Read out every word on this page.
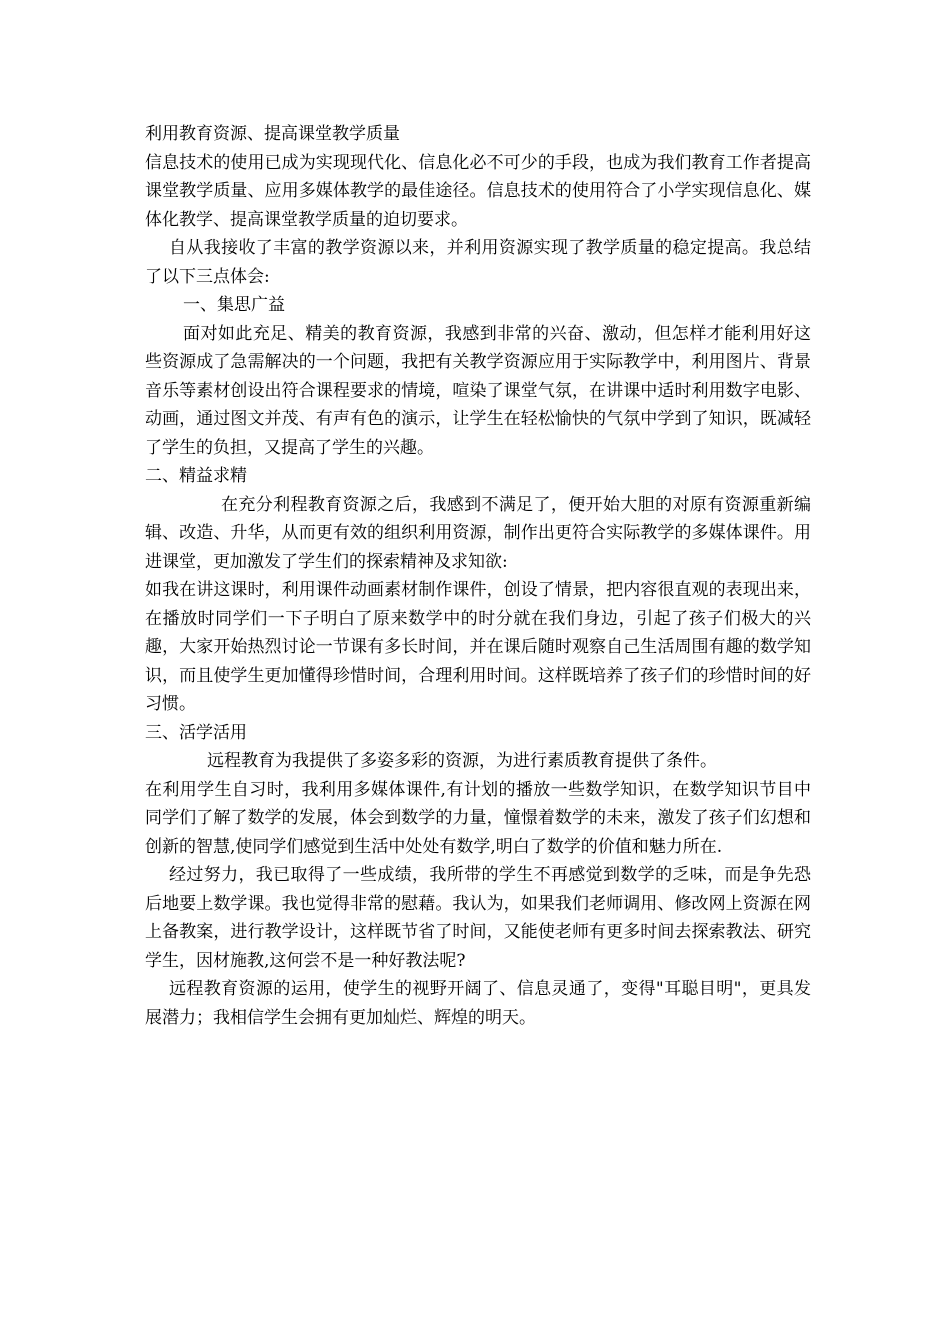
利用教育资源、提高课堂教学质量

信息技术的使用已成为实现现代化、信息化必不可少的手段，也成为我们教育工作者提高课堂教学质量、应用多媒体教学的最佳途径。信息技术的使用符合了小学实现信息化、媒体化教学、提高课堂教学质量的迫切要求。

自从我接收了丰富的教学资源以来，并利用资源实现了教学质量的稳定提高。我总结了以下三点体会:

一、集思广益

面对如此充足、精美的教育资源，我感到非常的兴奋、激动，但怎样才能利用好这些资源成了急需解决的一个问题，我把有关教学资源应用于实际教学中，利用图片、背景音乐等素材创设出符合课程要求的情境，喧染了课堂气氛，在讲课中适时利用数字电影、动画，通过图文并茂、有声有色的演示，让学生在轻松愉快的气氛中学到了知识，既减轻了学生的负担，又提高了学生的兴趣。

二、精益求精

在充分利程教育资源之后，我感到不满足了，便开始大胆的对原有资源重新编辑、改造、升华，从而更有效的组织利用资源，制作出更符合实际教学的多媒体课件。用进课堂，更加激发了学生们的探索精神及求知欲:

如我在讲这课时，利用课件动画素材制作课件，创设了情景，把内容很直观的表现出来，在播放时同学们一下子明白了原来数学中的时分就在我们身边，引起了孩子们极大的兴趣，大家开始热烈讨论一节课有多长时间，并在课后随时观察自己生活周围有趣的数学知识，而且使学生更加懂得珍惜时间，合理利用时间。这样既培养了孩子们的珍惜时间的好习惯。

三、活学活用

远程教育为我提供了多姿多彩的资源，为进行素质教育提供了条件。

在利用学生自习时，我利用多媒体课件,有计划的播放一些数学知识，在数学知识节目中同学们了解了数学的发展，体会到数学的力量，憧憬着数学的未来，激发了孩子们幻想和创新的智慧,使同学们感觉到生活中处处有数学,明白了数学的价值和魅力所在.

经过努力，我已取得了一些成绩，我所带的学生不再感觉到数学的乏味，而是争先恐后地要上数学课。我也觉得非常的慰藉。我认为，如果我们老师调用、修改网上资源在网上备教案，进行教学设计，这样既节省了时间，又能使老师有更多时间去探索教法、研究学生，因材施教,这何尝不是一种好教法呢?

远程教育资源的运用，使学生的视野开阔了、信息灵通了，变得"耳聪目明"，更具发展潜力；我相信学生会拥有更加灿烂、辉煌的明天。
